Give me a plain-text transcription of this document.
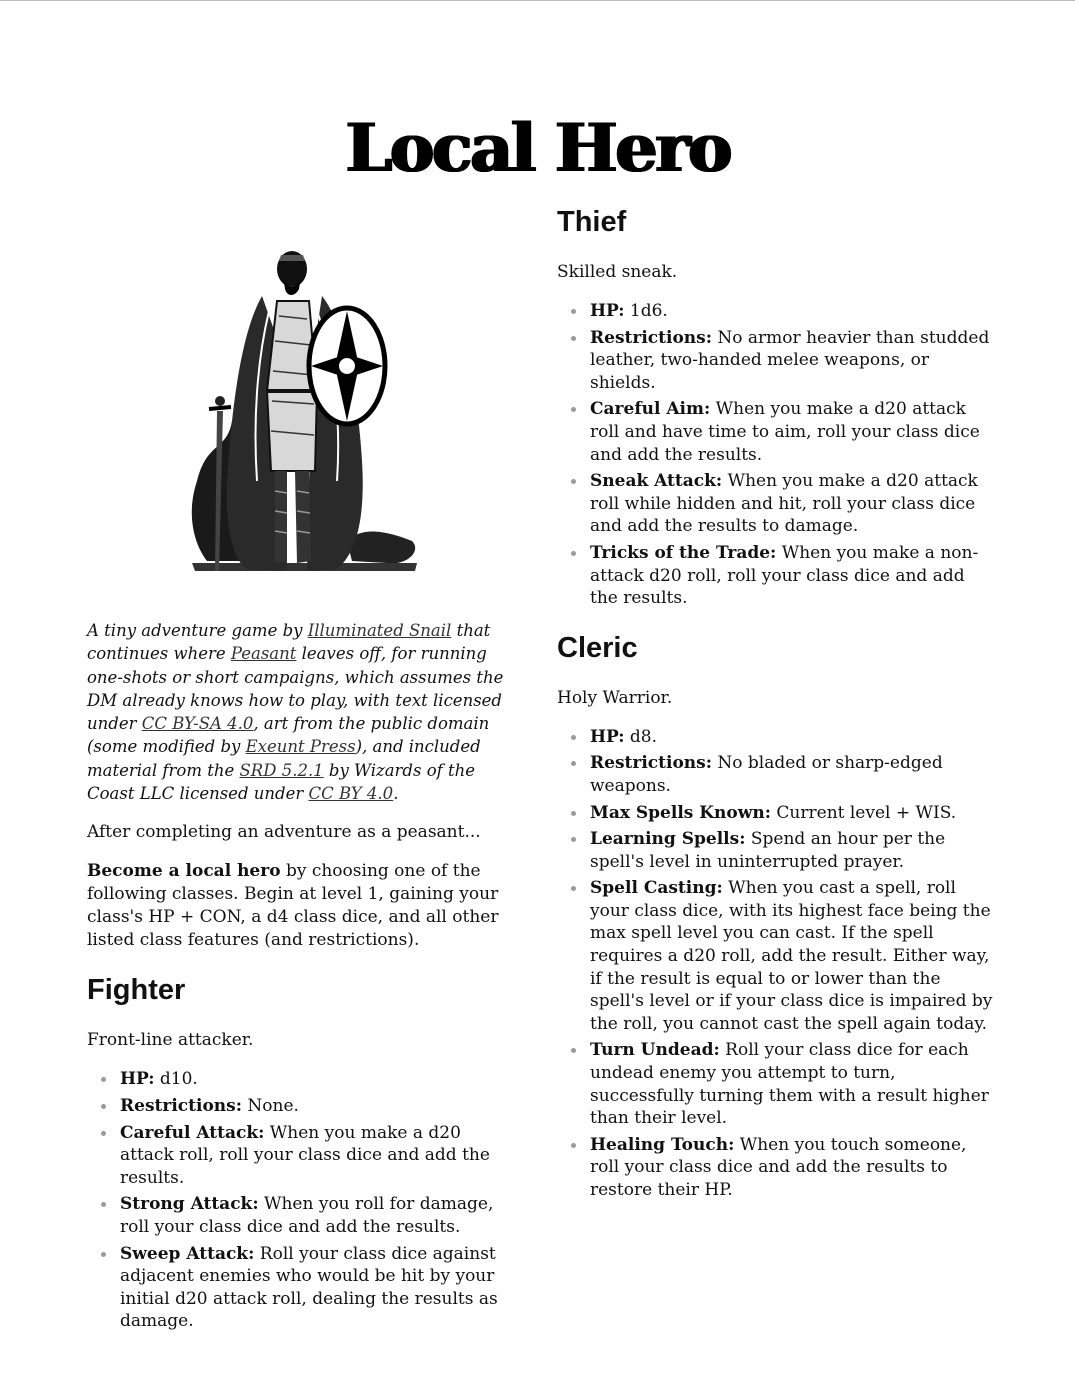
Local Hero
A tiny adventure game by Illuminated Snail that continues where Peasant leaves off, for running one-shots or short campaigns, which assumes the DM already knows how to play, with text licensed under CC BY-SA 4.0, art from the public domain (some modified by Exeunt Press), and included material from the SRD 5.2.1 by Wizards of the Coast LLC licensed under CC BY 4.0.

After completing an adventure as a peasant...

Become a local hero by choosing one of the following classes. Begin at level 1, gaining your class's HP + CON, a d4 class dice, and all other listed class features (and restrictions).

Fighter

Front-line attacker.

HP: d10.
Restrictions: None.
Careful Attack: When you make a d20 attack roll, roll your class dice and add the results.
Strong Attack: When you roll for damage, roll your class dice and add the results.
Sweep Attack: Roll your class dice against adjacent enemies who would be hit by your initial d20 attack roll, dealing the results as damage.
Thief

Skilled sneak.

HP: 1d6.
Restrictions: No armor heavier than studded leather, two-handed melee weapons, or shields.
Careful Aim: When you make a d20 attack roll and have time to aim, roll your class dice and add the results.
Sneak Attack: When you make a d20 attack roll while hidden and hit, roll your class dice and add the results to damage.
Tricks of the Trade: When you make a non-attack d20 roll, roll your class dice and add the results.
Cleric

Holy Warrior.

HP: d8.
Restrictions: No bladed or sharp-edged weapons.
Max Spells Known: Current level + WIS.
Learning Spells: Spend an hour per the spell's level in uninterrupted prayer.
Spell Casting: When you cast a spell, roll your class dice, with its highest face being the max spell level you can cast. If the spell requires a d20 roll, add the result. Either way, if the result is equal to or lower than the spell's level or if your class dice is impaired by the roll, you cannot cast the spell again today.
Turn Undead: Roll your class dice for each undead enemy you attempt to turn, successfully turning them with a result higher than their level.
Healing Touch: When you touch someone, roll your class dice and add the results to restore their HP.
